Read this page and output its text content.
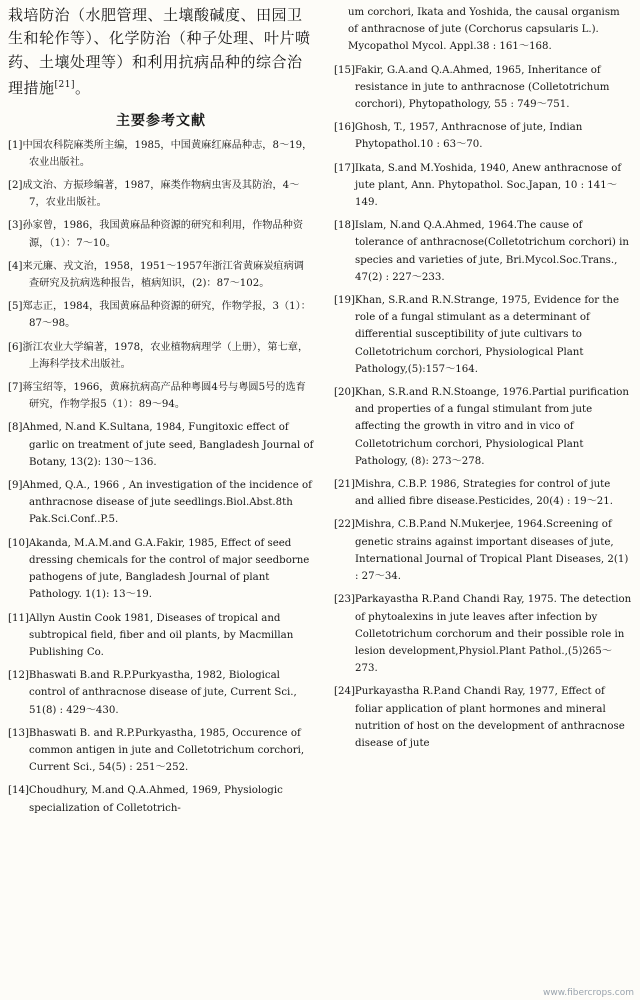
栽培防治（水肥管理、土壤酸碱度、田园卫生和轮作等）、化学防治（种子处理、叶片喷药、土壤处理等）和利用抗病品种的综合治理措施[21]。

主要参考文献

[1]中国农科院麻类所主编，1985，中国黄麻红麻品种志，8～19，农业出版社。

[2]成文治、方振珍编著，1987，麻类作物病虫害及其防治，4～7，农业出版社。

[3]孙家曾，1986，我国黄麻品种资源的研究和利用，作物品种资源，（1）：7～10。

[4]来元廉、戎文治，1958，1951～1957年浙江省黄麻炭疽病调查研究及抗病选种报告，植病知识，(2)：87～102。

[5]郑志正，1984，我国黄麻品种资源的研究，作物学报，3（1）：87～98。

[6]浙江农业大学编著，1978，农业植物病理学（上册），第七章，上海科学技术出版社。

[7]蒋宝绍等，1966，黄麻抗病高产品种粤圆4号与粤圆5号的选育研究，作物学报5（1）：89～94。

[8]Ahmed, N.and K.Sultana, 1984, Fungitoxic effect of garlic on treatment of jute seed, Bangladesh Journal of Botany, 13(2): 130～136.

[9]Ahmed, Q.A., 1966 , An investigation of the incidence of anthracnose disease of jute seedlings.Biol.Abst.8th Pak.Sci.Conf..P.5.

[10]Akanda, M.A.M.and G.A.Fakir, 1985, Effect of seed dressing chemicals for the control of major seedborne pathogens of jute, Bangladesh Journal of plant Pathology. 1(1): 13～19.

[11]Allyn Austin Cook 1981, Diseases of tropical and subtropical field, fiber and oil plants, by Macmillan Publishing Co.

[12]Bhaswati B.and R.P.Purkyastha, 1982, Biological control of anthracnose disease of jute, Current Sci., 51(8) : 429～430.

[13]Bhaswati B. and R.P.Purkyastha, 1985, Occurence of common antigen in jute and Colletotrichum corchori, Current Sci., 54(5) : 251～252.

[14]Choudhury, M.and Q.A.Ahmed, 1969, Physiologic specialization of Colletotrich-

um corchori, Ikata and Yoshida, the causal organism of anthracnose of jute (Corchorus capsularis L.). Mycopathol Mycol. Appl.38 : 161～168.

[15]Fakir, G.A.and Q.A.Ahmed, 1965, Inheritance of resistance in jute to anthracnose (Colletotrichum corchori), Phytopathology, 55 : 749～751.

[16]Ghosh, T., 1957, Anthracnose of jute, Indian Phytopathol.10 : 63～70.

[17]Ikata, S.and M.Yoshida, 1940, Anew anthracnose of jute plant, Ann. Phytopathol. Soc.Japan, 10 : 141～149.

[18]Islam, N.and Q.A.Ahmed, 1964.The cause of tolerance of anthracnose(Colletotrichum corchori) in species and varieties of jute, Bri.Mycol.Soc.Trans., 47(2) : 227～233.

[19]Khan, S.R.and R.N.Strange, 1975, Evidence for the role of a fungal stimulant as a determinant of differential susceptibility of jute cultivars to Colletotrichum corchori, Physiological Plant Pathology,(5):157～164.

[20]Khan, S.R.and R.N.Stoange, 1976.Partial purification and properties of a fungal stimulant from jute affecting the growth in vitro and in vico of Colletotrichum corchori, Physiological Plant Pathology, (8): 273～278.

[21]Mishra, C.B.P. 1986, Strategies for control of jute and allied fibre disease.Pesticides, 20(4) : 19～21.

[22]Mishra, C.B.P.and N.Mukerjee, 1964.Screening of genetic strains against important diseases of jute, International Journal of Tropical Plant Diseases, 2(1) : 27～34.

[23]Parkayastha R.P.and Chandi Ray, 1975. The detection of phytoalexins in jute leaves after infection by Colletotrichum corchorum and their possible role in lesion development,Physiol.Plant Pathol.,(5)265～273.

[24]Purkayastha R.P.and Chandi Ray, 1977, Effect of foliar application of plant hormones and mineral nutrition of host on the development of anthracnose disease of jute

www.fibercrops.com
